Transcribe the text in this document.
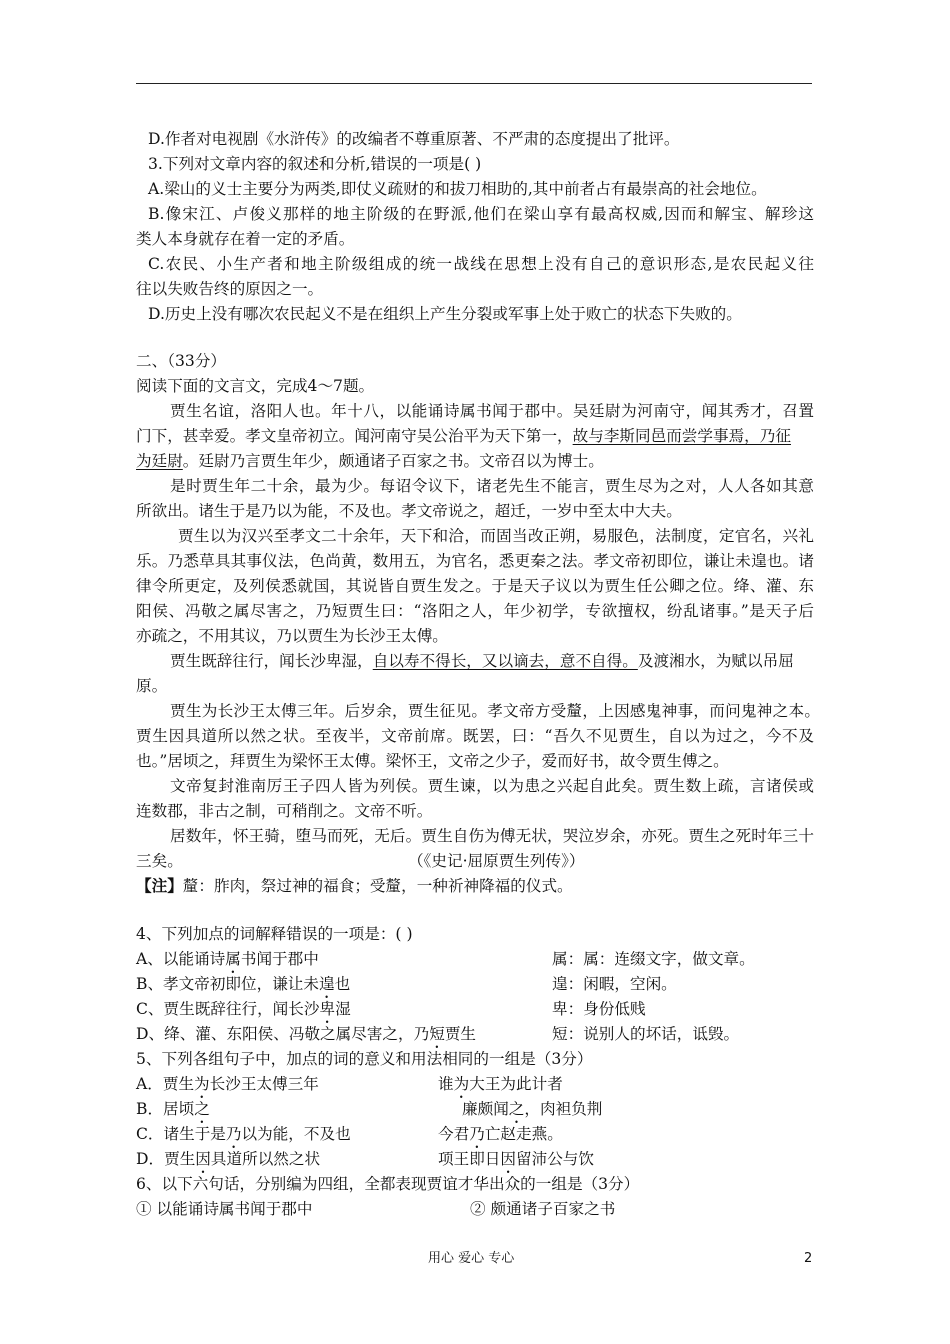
D.作者对电视剧《水浒传》的改编者不尊重原著、不严肃的态度提出了批评。
3.下列对文章内容的叙述和分析,错误的一项是( )
A.梁山的义士主要分为两类,即仗义疏财的和拔刀相助的,其中前者占有最崇高的社会地位。
B.像宋江、卢俊义那样的地主阶级的在野派,他们在梁山享有最高权威,因而和解宝、解珍这
类人本身就存在着一定的矛盾。
C.农民、小生产者和地主阶级组成的统一战线在思想上没有自己的意识形态,是农民起义往
往以失败告终的原因之一。
D.历史上没有哪次农民起义不是在组织上产生分裂或军事上处于败亡的状态下失败的。
二、（33分）
阅读下面的文言文，完成4～7题。
贾生名谊，洛阳人也。年十八，以能诵诗属书闻于郡中。吴廷尉为河南守，闻其秀才，召置
门下，甚幸爱。孝文皇帝初立。闻河南守吴公治平为天下第一，故与李斯同邑而尝学事焉，乃征
为廷尉。廷尉乃言贾生年少，颇通诸子百家之书。文帝召以为博士。
是时贾生年二十余，最为少。每诏令议下，诸老先生不能言，贾生尽为之对，人人各如其意
所欲出。诸生于是乃以为能，不及也。孝文帝说之，超迁，一岁中至太中大夫。
贾生以为汉兴至孝文二十余年，天下和洽，而固当改正朔，易服色，法制度，定官名，兴礼
乐。乃悉草具其事仪法，色尚黄，数用五，为官名，悉更秦之法。孝文帝初即位，谦让未遑也。诸
律令所更定，及列侯悉就国，其说皆自贾生发之。于是天子议以为贾生任公卿之位。绛、灌、东
阳侯、冯敬之属尽害之，乃短贾生曰：“洛阳之人，年少初学，专欲擅权，纷乱诸事。”是天子后
亦疏之，不用其议，乃以贾生为长沙王太傅。
贾生既辞往行，闻长沙卑湿，自以寿不得长，又以谪去，意不自得。及渡湘水，为赋以吊屈
原。
贾生为长沙王太傅三年。后岁余，贾生征见。孝文帝方受釐，上因感鬼神事，而问鬼神之本。
贾生因具道所以然之状。至夜半，文帝前席。既罢，曰：“吾久不见贾生，自以为过之，今不及
也。”居顷之，拜贾生为梁怀王太傅。梁怀王，文帝之少子，爱而好书，故令贾生傅之。
文帝复封淮南厉王子四人皆为列侯。贾生谏，以为患之兴起自此矣。贾生数上疏，言诸侯或
连数郡，非古之制，可稍削之。文帝不听。
居数年，怀王骑，堕马而死，无后。贾生自伤为傅无状，哭泣岁余，亦死。贾生之死时年三十
三矣。	（《史记·屈原贾生列传》）
【注】釐：胙肉，祭过神的福食；受釐，一种祈神降福的仪式。
4、下列加点的词解释错误的一项是：( )
A、以能诵诗属书闻于郡中	属：属：连缀文字，做文章。
B、孝文帝初即位，谦让未遑也	遑：闲暇，空闲。
C、贾生既辞往行，闻长沙卑湿	卑：身份低贱
D、绛、灌、东阳侯、冯敬之属尽害之，乃短贾生	短：说别人的坏话，诋毁。
5、下列各组句子中，加点的词的意义和用法相同的一组是（3分）
A．贾生为长沙王太傅三年	谁为大王为此计者
B．居顷之	廉颇闻之，肉袒负荆
C．诸生于是乃以为能，不及也	今君乃亡赵走燕。
D．贾生因具道所以然之状	项王即日因留沛公与饮
6、以下六句话，分别编为四组，全都表现贾谊才华出众的一组是（3分）
① 以能诵诗属书闻于郡中	② 颇通诸子百家之书
用心 爱心 专心	2
